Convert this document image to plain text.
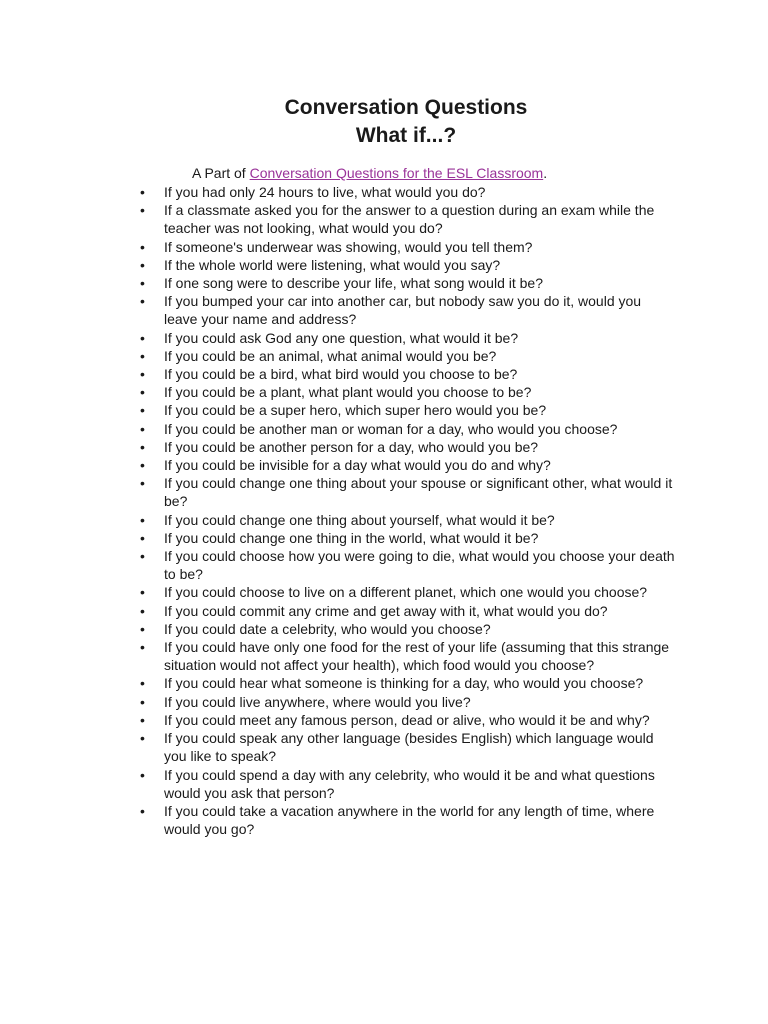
Conversation Questions
What if...?

A Part of Conversation Questions for the ESL Classroom.

• If you had only 24 hours to live, what would you do?
• If a classmate asked you for the answer to a question during an exam while the teacher was not looking, what would you do?
• If someone's underwear was showing, would you tell them?
• If the whole world were listening, what would you say?
• If one song were to describe your life, what song would it be?
• If you bumped your car into another car, but nobody saw you do it, would you leave your name and address?
• If you could ask God any one question, what would it be?
• If you could be an animal, what animal would you be?
• If you could be a bird, what bird would you choose to be?
• If you could be a plant, what plant would you choose to be?
• If you could be a super hero, which super hero would you be?
• If you could be another man or woman for a day, who would you choose?
• If you could be another person for a day, who would you be?
• If you could be invisible for a day what would you do and why?
• If you could change one thing about your spouse or significant other, what would it be?
• If you could change one thing about yourself, what would it be?
• If you could change one thing in the world, what would it be?
• If you could choose how you were going to die, what would you choose your death to be?
• If you could choose to live on a different planet, which one would you choose?
• If you could commit any crime and get away with it, what would you do?
• If you could date a celebrity, who would you choose?
• If you could have only one food for the rest of your life (assuming that this strange situation would not affect your health), which food would you choose?
• If you could hear what someone is thinking for a day, who would you choose?
• If you could live anywhere, where would you live?
• If you could meet any famous person, dead or alive, who would it be and why?
• If you could speak any other language (besides English) which language would you like to speak?
• If you could spend a day with any celebrity, who would it be and what questions would you ask that person?
• If you could take a vacation anywhere in the world for any length of time, where would you go?
